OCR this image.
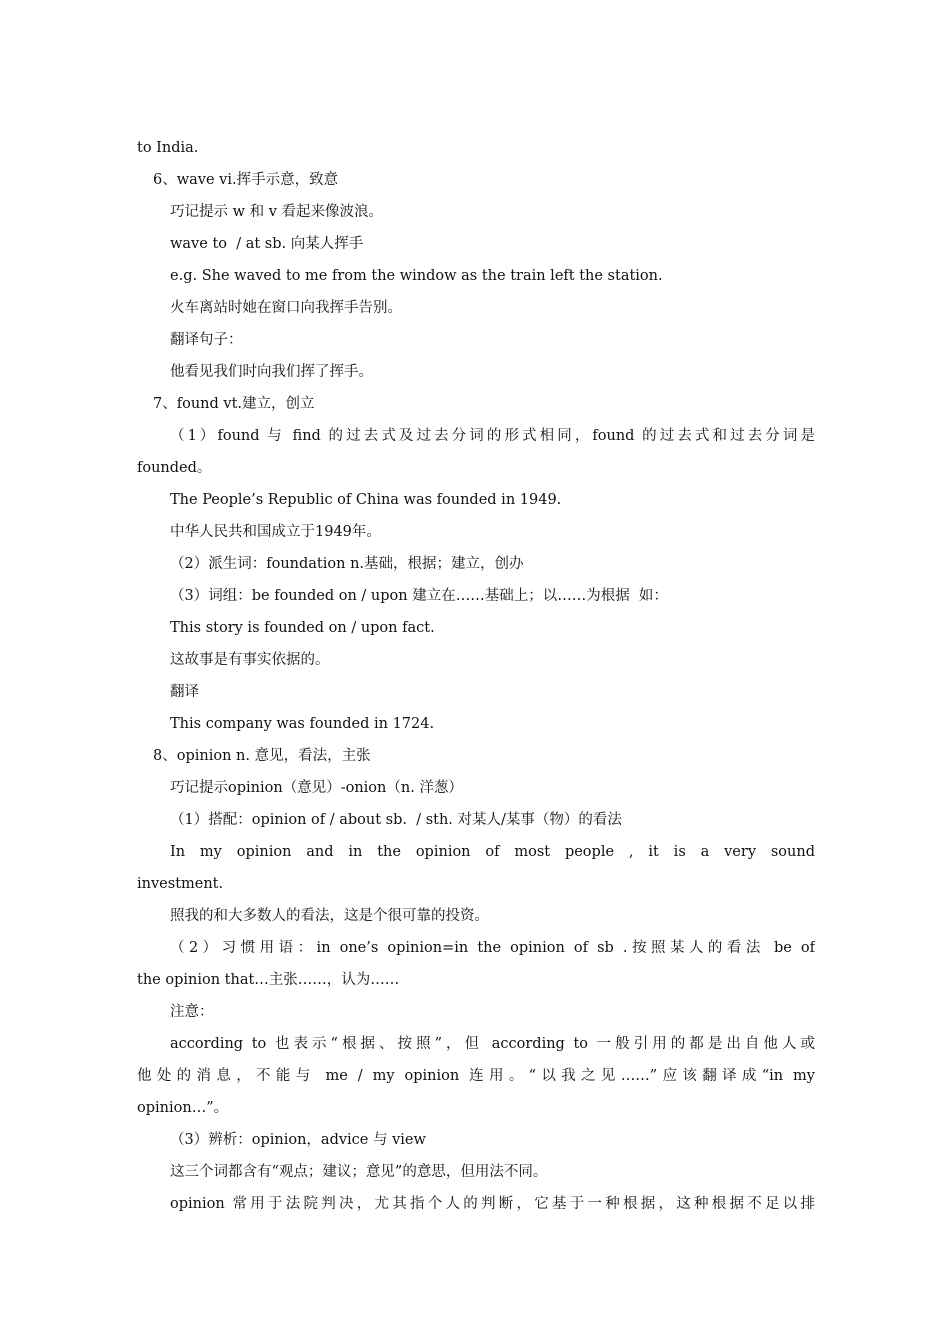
to India.
6、wave vi.挥手示意，致意
巧记提示 w 和 v 看起来像波浪。
wave to  / at sb. 向某人挥手
e.g. She waved to me from the window as the train left the station.
火车离站时她在窗口向我挥手告别。
翻译句子：
他看见我们时向我们挥了挥手。
7、found vt.建立，创立
（1）found 与 find 的过去式及过去分词的形式相同，found 的过去式和过去分词是
founded。
The People’s Republic of China was founded in 1949.
中华人民共和国成立于1949年。
（2）派生词：foundation n.基础，根据；建立，创办
（3）词组：be founded on / upon 建立在……基础上；以……为根据  如：
This story is founded on / upon fact.
这故事是有事实依据的。
翻译
This company was founded in 1724.
8、opinion n. 意见，看法，主张
巧记提示opinion（意见）-onion（n. 洋葱）
（1）搭配：opinion of / about sb.  / sth. 对某人/某事（物）的看法
In my opinion and in the opinion of most people , it is a very sound
investment.
照我的和大多数人的看法，这是个很可靠的投资。
（2）习惯用语：in one’s opinion=in the opinion of sb .按照某人的看法 be of
the opinion that…主张……，认为……
注意：
according to 也表示“根据、按照”，但 according to 一般引用的都是出自他人或
他处的消息，不能与 me / my opinion 连用。“以我之见……”应该翻译成“in my
opinion…”。
（3）辨析：opinion，advice 与 view
这三个词都含有“观点；建议；意见”的意思，但用法不同。
opinion 常用于法院判决，尤其指个人的判断，它基于一种根据，这种根据不足以排
